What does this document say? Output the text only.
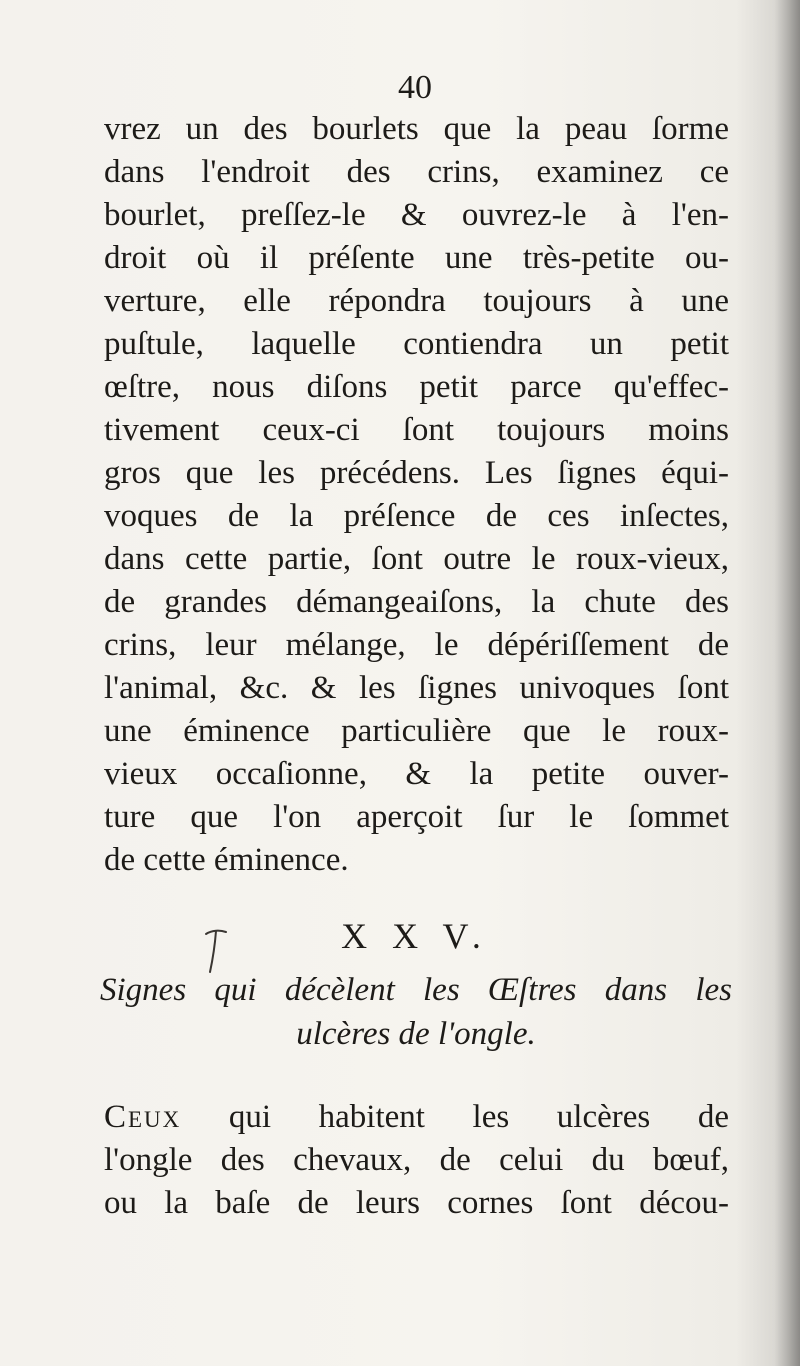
40
vrez un des bourlets que la peau ſorme
dans l'endroit des crins, examinez ce
bourlet, preſſez-le & ouvrez-le à l'en-
droit où il préſente une très-petite ou-
verture, elle répondra toujours à une
puſtule, laquelle contiendra un petit
œſtre, nous diſons petit parce qu'effec-
tivement ceux-ci ſont toujours moins
gros que les précédens. Les ſignes équi-
voques de la préſence de ces inſectes,
dans cette partie, ſont outre le roux-vieux,
de grandes démangeaiſons, la chute des
crins, leur mélange, le dépériſſement de
l'animal, &c. & les ſignes univoques ſont
une éminence particulière que le roux-
vieux occaſionne, & la petite ouver-
ture que l'on aperçoit ſur le ſommet
de cette éminence.
X X V.
Signes qui décèlent les Œſtres dans les
ulcères de l'ongle.
Ceux qui habitent les ulcères de
l'ongle des chevaux, de celui du bœuf,
ou la baſe de leurs cornes ſont décou-
